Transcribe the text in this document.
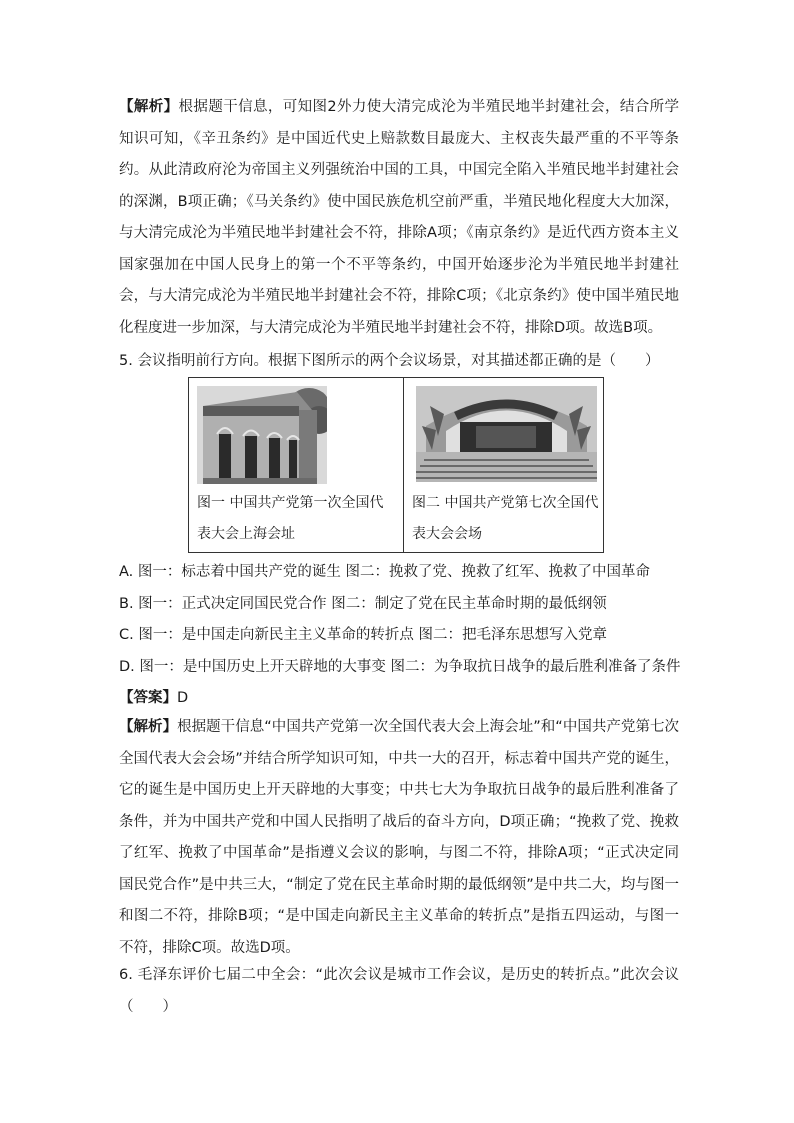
【解析】根据题干信息，可知图2外力使大清完成沦为半殖民地半封建社会，结合所学知识可知，《辛丑条约》是中国近代史上赔款数目最庞大、主权丧失最严重的不平等条约。从此清政府沦为帝国主义列强统治中国的工具，中国完全陷入半殖民地半封建社会的深渊，B项正确；《马关条约》使中国民族危机空前严重，半殖民地化程度大大加深，与大清完成沦为半殖民地半封建社会不符，排除A项；《南京条约》是近代西方资本主义国家强加在中国人民身上的第一个不平等条约，中国开始逐步沦为半殖民地半封建社会，与大清完成沦为半殖民地半封建社会不符，排除C项；《北京条约》使中国半殖民地化程度进一步加深，与大清完成沦为半殖民地半封建社会不符，排除D项。故选B项。
5. 会议指明前行方向。根据下图所示的两个会议场景，对其描述都正确的是（　　）
图一 中国共产党第一次全国代表大会上海会址
图二 中国共产党第七次全国代表大会会场
A. 图一：标志着中国共产党的诞生 图二：挽救了党、挽救了红军、挽救了中国革命
B. 图一：正式决定同国民党合作 图二：制定了党在民主革命时期的最低纲领
C. 图一：是中国走向新民主主义革命的转折点 图二：把毛泽东思想写入党章
D. 图一：是中国历史上开天辟地的大事变 图二：为争取抗日战争的最后胜利准备了条件
【答案】D
【解析】根据题干信息“中国共产党第一次全国代表大会上海会址”和“中国共产党第七次全国代表大会会场”并结合所学知识可知，中共一大的召开，标志着中国共产党的诞生，它的诞生是中国历史上开天辟地的大事变；中共七大为争取抗日战争的最后胜利准备了条件，并为中国共产党和中国人民指明了战后的奋斗方向，D项正确；“挽救了党、挽救了红军、挽救了中国革命”是指遵义会议的影响，与图二不符，排除A项；“正式决定同国民党合作”是中共三大，“制定了党在民主革命时期的最低纲领”是中共二大，均与图一和图二不符，排除B项；“是中国走向新民主主义革命的转折点”是指五四运动，与图一不符，排除C项。故选D项。
6. 毛泽东评价七届二中全会：“此次会议是城市工作会议，是历史的转折点。”此次会议（　　）
